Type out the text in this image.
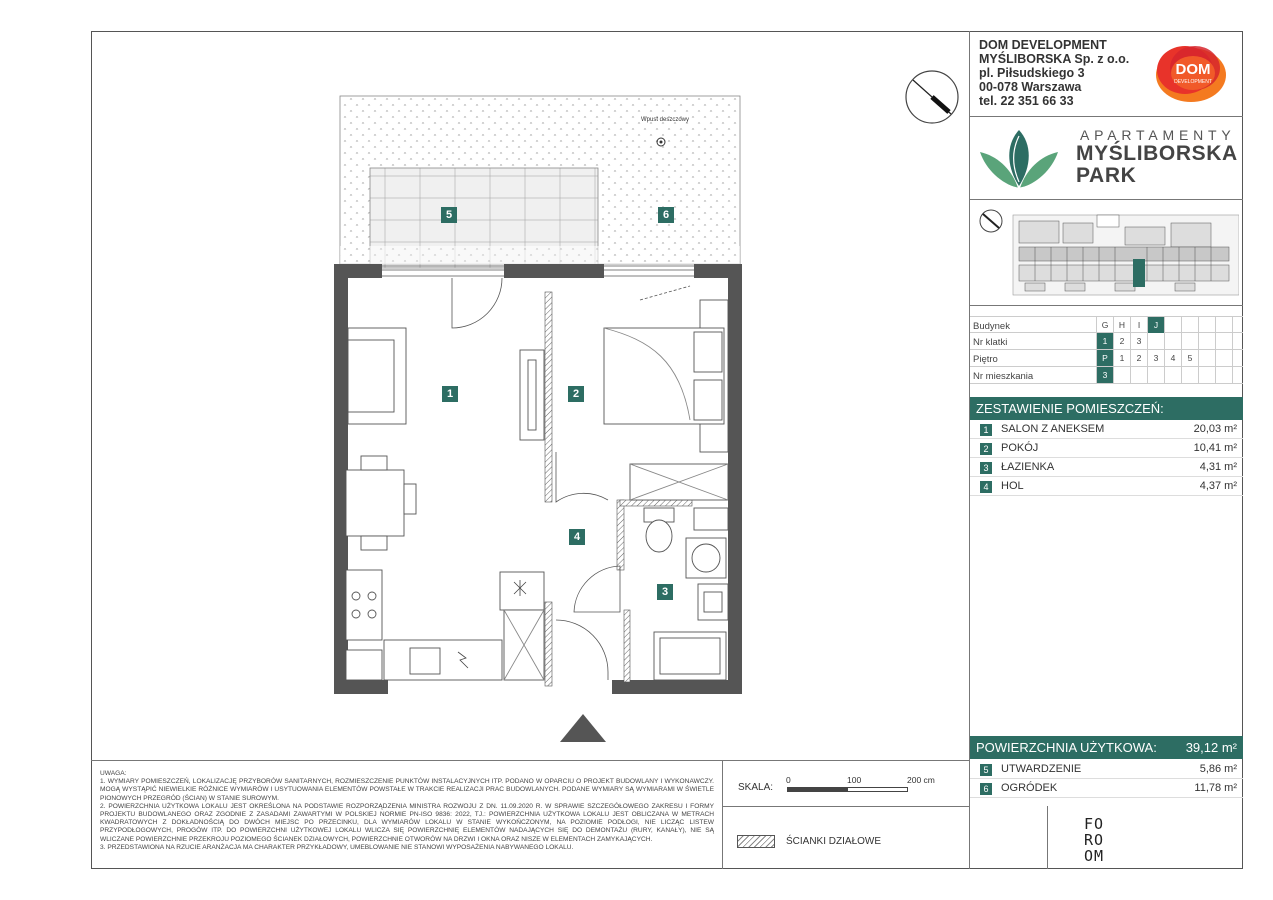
DOM DEVELOPMENT
MYŚLIBORSKA Sp. z o.o.
pl. Piłsudskiego 3
00-078 Warszawa
tel. 22 351 66 33
DOM
DEVELOPMENT
APARTAMENTY
MYŚLIBORSKA
PARK
Budynek	G	H	I	J
Nr klatki	1	2	3
Piętro	P	1	2	3	4	5
Nr mieszkania	3
ZESTAWIENIE POMIESZCZEŃ:
1	SALON Z ANEKSEM	20,03 m²
2	POKÓJ	10,41 m²
3	ŁAZIENKA	4,31 m²
4	HOL	4,37 m²
POWIERZCHNIA UŻYTKOWA: 39,12 m²
5	UTWARDZENIE	5,86 m²
6	OGRÓDEK	11,78 m²
1	2
3
4
5	6
Wpust deszczowy
UWAGA:
1. WYMIARY POMIESZCZEŃ, LOKALIZACJĘ PRZYBORÓW SANITARNYCH, ROZMIESZCZENIE PUNKTÓW INSTALACYJNYCH ITP. PODANO W OPARCIU O PROJEKT BUDOWLANY I WYKONAWCZY. MOGĄ WYSTĄPIĆ NIEWIELKIE RÓŻNICE WYMIARÓW I USYTUOWANIA ELEMENTÓW POWSTAŁE W TRAKCIE REALIZACJI PRAC BUDOWLANYCH. PODANE WYMIARY SĄ WYMIARAMI W ŚWIETLE PIONOWYCH PRZEGRÓD (ŚCIAN) W STANIE SUROWYM.
2. POWIERZCHNIA UŻYTKOWA LOKALU JEST OKREŚLONA NA PODSTAWIE ROZPORZĄDZENIA MINISTRA ROZWOJU Z DN. 11.09.2020 R. W SPRAWIE SZCZEGÓŁOWEGO ZAKRESU I FORMY PROJEKTU BUDOWLANEGO ORAZ ZGODNIE Z ZASADAMI ZAWARTYMI W POLSKIEJ NORMIE PN-ISO 9836: 2022, TJ.: POWIERZCHNIA UŻYTKOWA LOKALU JEST OBLICZANA W METRACH KWADRATOWYCH Z DOKŁADNOŚCIĄ DO DWÓCH MIEJSC PO PRZECINKU, DLA WYMIARÓW LOKALU W STANIE WYKOŃCZONYM, NA POZIOMIE PODŁOGI, NIE LICZĄC LISTEW PRZYPODŁOGOWYCH, PROGÓW ITP. DO POWIERZCHNI UŻYTKOWEJ LOKALU WLICZA SIĘ POWIERZCHNIĘ ELEMENTÓW NADAJĄCYCH SIĘ DO DEMONTAŻU (RURY, KANAŁY), NIE SĄ WLICZANE POWIERZCHNIE PRZEKROJU POZIOMEGO ŚCIANEK DZIAŁOWYCH, POWIERZCHNIE OTWORÓW NA DRZWI I OKNA ORAZ NISZE W ELEMENTACH ZAMYKAJĄCYCH.
3. PRZEDSTAWIONA NA RZUCIE ARANŻACJA MA CHARAKTER PRZYKŁADOWY, UMEBLOWANIE NIE STANOWI WYPOSAŻENIA NABYWANEGO LOKALU.
SKALA:
0	100	200 cm
ŚCIANKI DZIAŁOWE
FO
RO
OM
